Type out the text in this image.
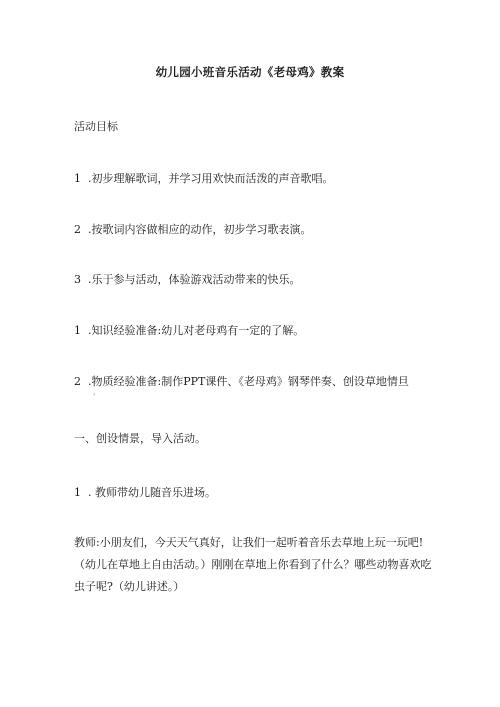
幼儿园小班音乐活动《老母鸡》教案
活动目标
1 .初步理解歌词，并学习用欢快而活泼的声音歌唱。
2 .按歌词内容做相应的动作，初步学习歌表演。
3 .乐于参与活动，体验游戏活动带来的快乐。
1 .知识经验准备:幼儿对老母鸡有一定的了解。
2 .物质经验准备:制作PPT课件、《老母鸡》钢琴伴奏、创设草地情旦
，
一、创设情景，导入活动。
1 . 教师带幼儿随音乐进场。
教师:小朋友们，今天天气真好，让我们一起听着音乐去草地上玩一玩吧!（幼儿在草地上自由活动。）刚刚在草地上你看到了什么？哪些动物喜欢吃虫子呢?（幼儿讲述。）
